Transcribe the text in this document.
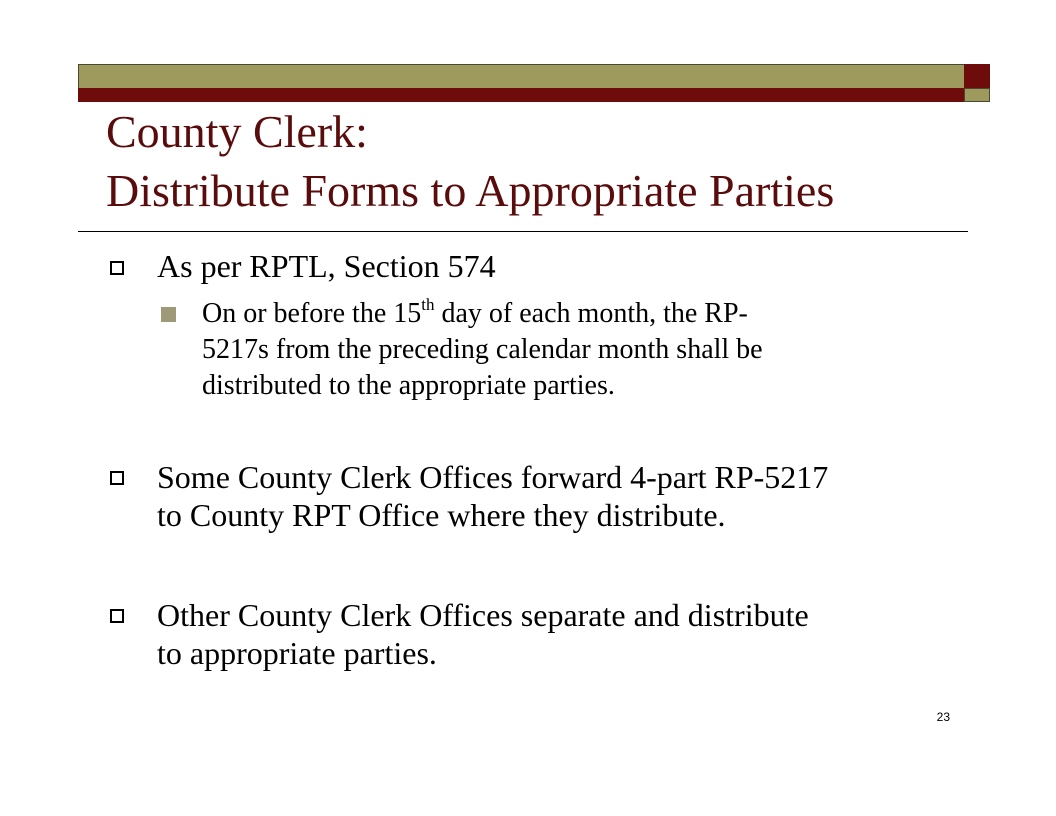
County Clerk:
Distribute Forms to Appropriate Parties
As per RPTL, Section 574
On or before the 15th day of each month, the RP-
5217s from the preceding calendar month shall be
distributed to the appropriate parties.
Some County Clerk Offices forward 4-part RP-5217
to County RPT Office where they distribute.
Other County Clerk Offices separate and distribute
to appropriate parties.
23
